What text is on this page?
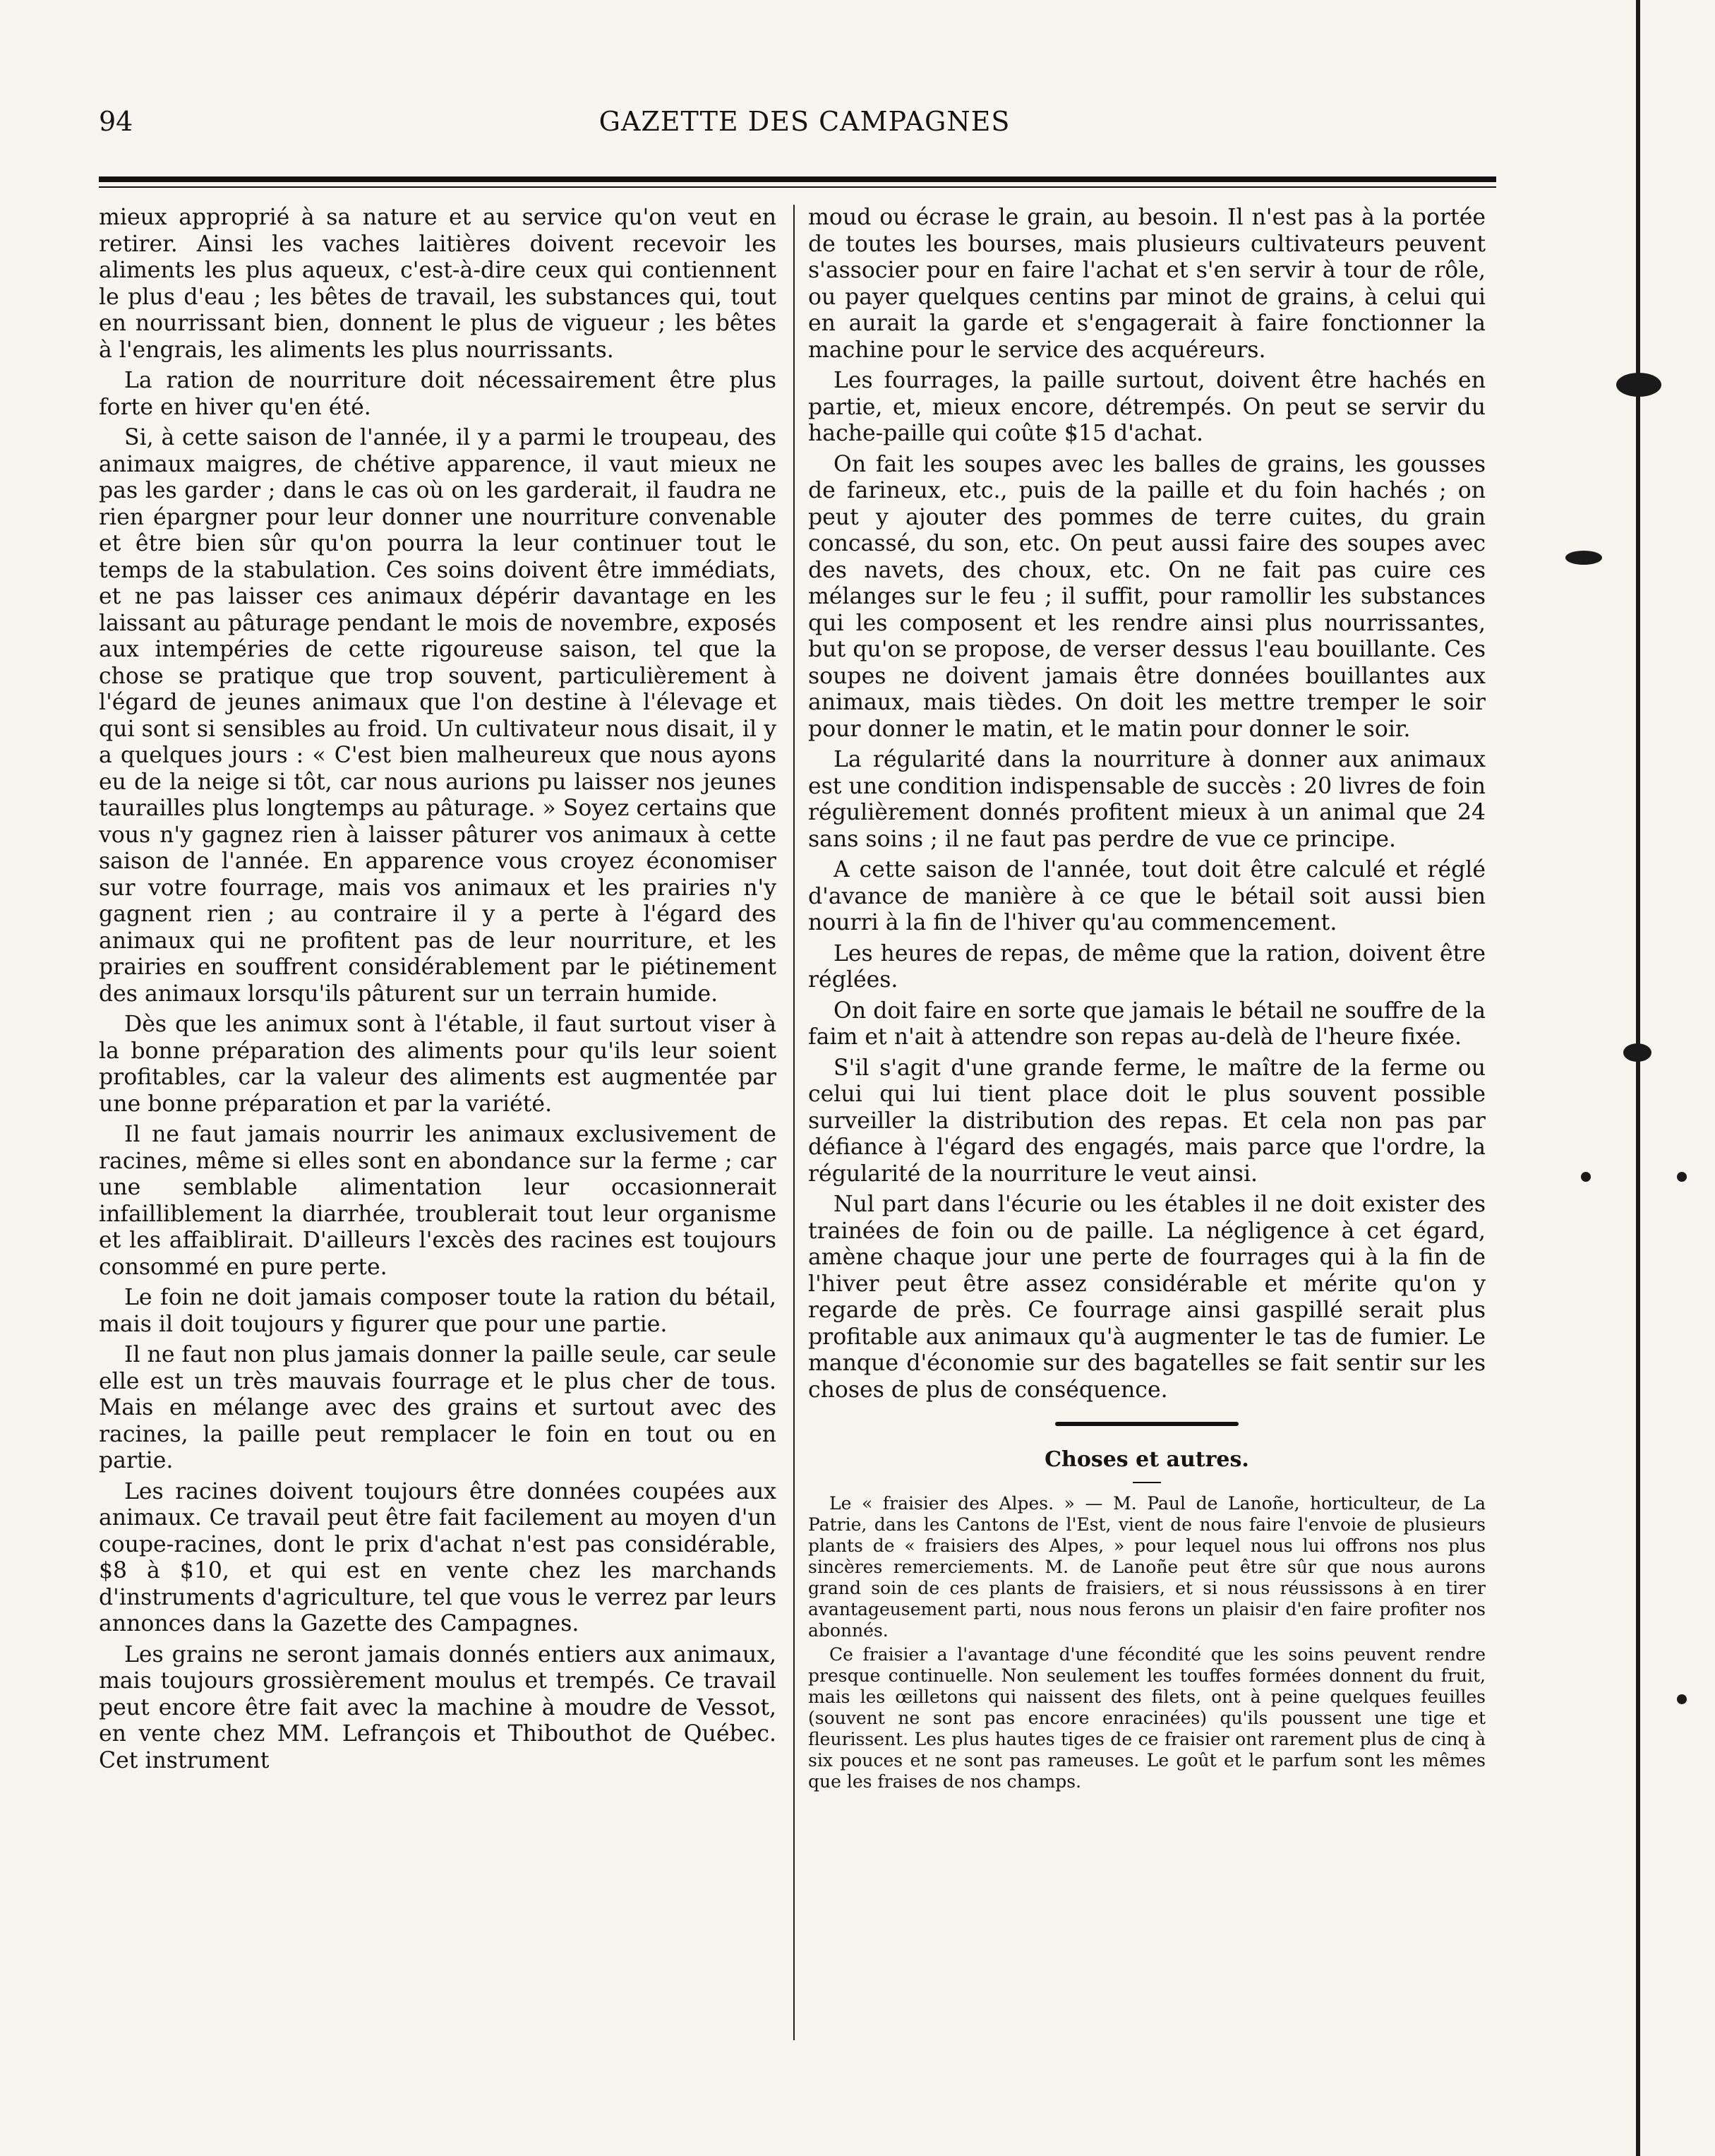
94	GAZETTE DES CAMPAGNES

mieux approprié à sa nature et au service qu'on veut en retirer. Ainsi les vaches laitières doivent recevoir les aliments les plus aqueux, c'est-à-dire ceux qui contiennent le plus d'eau ; les bêtes de travail, les substances qui, tout en nourrissant bien, donnent le plus de vigueur ; les bêtes à l'engrais, les aliments les plus nourrissants.

La ration de nourriture doit nécessairement être plus forte en hiver qu'en été.

Si, à cette saison de l'année, il y a parmi le troupeau, des animaux maigres, de chétive apparence, il vaut mieux ne pas les garder ; dans le cas où on les garderait, il faudra ne rien épargner pour leur donner une nourriture convenable et être bien sûr qu'on pourra la leur continuer tout le temps de la stabulation. Ces soins doivent être immédiats, et ne pas laisser ces animaux dépérir davantage en les laissant au pâturage pendant le mois de novembre, exposés aux intempéries de cette rigoureuse saison, tel que la chose se pratique que trop souvent, particulièrement à l'égard de jeunes animaux que l'on destine à l'élevage et qui sont si sensibles au froid. Un cultivateur nous disait, il y a quelques jours : « C'est bien malheureux que nous ayons eu de la neige si tôt, car nous aurions pu laisser nos jeunes taurailles plus longtemps au pâturage. » Soyez certains que vous n'y gagnez rien à laisser pâturer vos animaux à cette saison de l'année. En apparence vous croyez économiser sur votre fourrage, mais vos animaux et les prairies n'y gagnent rien ; au contraire il y a perte à l'égard des animaux qui ne profitent pas de leur nourriture, et les prairies en souffrent considérablement par le piétinement des animaux lorsqu'ils pâturent sur un terrain humide.

Dès que les animux sont à l'étable, il faut surtout viser à la bonne préparation des aliments pour qu'ils leur soient profitables, car la valeur des aliments est augmentée par une bonne préparation et par la variété.

Il ne faut jamais nourrir les animaux exclusivement de racines, même si elles sont en abondance sur la ferme ; car une semblable alimentation leur occasionnerait infailliblement la diarrhée, troublerait tout leur organisme et les affaiblirait. D'ailleurs l'excès des racines est toujours consommé en pure perte.

Le foin ne doit jamais composer toute la ration du bétail, mais il doit toujours y figurer que pour une partie.

Il ne faut non plus jamais donner la paille seule, car seule elle est un très mauvais fourrage et le plus cher de tous. Mais en mélange avec des grains et surtout avec des racines, la paille peut remplacer le foin en tout ou en partie.

Les racines doivent toujours être données coupées aux animaux. Ce travail peut être fait facilement au moyen d'un coupe-racines, dont le prix d'achat n'est pas considérable, $8 à $10, et qui est en vente chez les marchands d'instruments d'agriculture, tel que vous le verrez par leurs annonces dans la Gazette des Campagnes.

Les grains ne seront jamais donnés entiers aux animaux, mais toujours grossièrement moulus et trempés. Ce travail peut encore être fait avec la machine à moudre de Vessot, en vente chez MM. Lefrançois et Thibouthot de Québec. Cet instrument

moud ou écrase le grain, au besoin. Il n'est pas à la portée de toutes les bourses, mais plusieurs cultivateurs peuvent s'associer pour en faire l'achat et s'en servir à tour de rôle, ou payer quelques centins par minot de grains, à celui qui en aurait la garde et s'engagerait à faire fonctionner la machine pour le service des acquéreurs.

Les fourrages, la paille surtout, doivent être hachés en partie, et, mieux encore, détrempés. On peut se servir du hache-paille qui coûte $15 d'achat.

On fait les soupes avec les balles de grains, les gousses de farineux, etc., puis de la paille et du foin hachés ; on peut y ajouter des pommes de terre cuites, du grain concassé, du son, etc. On peut aussi faire des soupes avec des navets, des choux, etc. On ne fait pas cuire ces mélanges sur le feu ; il suffit, pour ramollir les substances qui les composent et les rendre ainsi plus nourrissantes, but qu'on se propose, de verser dessus l'eau bouillante. Ces soupes ne doivent jamais être données bouillantes aux animaux, mais tièdes. On doit les mettre tremper le soir pour donner le matin, et le matin pour donner le soir.

La régularité dans la nourriture à donner aux animaux est une condition indispensable de succès : 20 livres de foin régulièrement donnés profitent mieux à un animal que 24 sans soins ; il ne faut pas perdre de vue ce principe.

A cette saison de l'année, tout doit être calculé et réglé d'avance de manière à ce que le bétail soit aussi bien nourri à la fin de l'hiver qu'au commencement.

Les heures de repas, de même que la ration, doivent être réglées.

On doit faire en sorte que jamais le bétail ne souffre de la faim et n'ait à attendre son repas au-delà de l'heure fixée.

S'il s'agit d'une grande ferme, le maître de la ferme ou celui qui lui tient place doit le plus souvent possible surveiller la distribution des repas. Et cela non pas par défiance à l'égard des engagés, mais parce que l'ordre, la régularité de la nourriture le veut ainsi.

Nul part dans l'écurie ou les étables il ne doit exister des trainées de foin ou de paille. La négligence à cet égard, amène chaque jour une perte de fourrages qui à la fin de l'hiver peut être assez considérable et mérite qu'on y regarde de près. Ce fourrage ainsi gaspillé serait plus profitable aux animaux qu'à augmenter le tas de fumier. Le manque d'économie sur des bagatelles se fait sentir sur les choses de plus de conséquence.

Choses et autres.

Le « fraisier des Alpes. » — M. Paul de Lanoñe, horticulteur, de La Patrie, dans les Cantons de l'Est, vient de nous faire l'envoie de plusieurs plants de « fraisiers des Alpes, » pour lequel nous lui offrons nos plus sincères remerciements. M. de Lanoñe peut être sûr que nous aurons grand soin de ces plants de fraisiers, et si nous réussissons à en tirer avantageusement parti, nous nous ferons un plaisir d'en faire profiter nos abonnés.

Ce fraisier a l'avantage d'une fécondité que les soins peuvent rendre presque continuelle. Non seulement les touffes formées donnent du fruit, mais les œilletons qui naissent des filets, ont à peine quelques feuilles (souvent ne sont pas encore enracinées) qu'ils poussent une tige et fleurissent. Les plus hautes tiges de ce fraisier ont rarement plus de cinq à six pouces et ne sont pas rameuses. Le goût et le parfum sont les mêmes que les fraises de nos champs.
